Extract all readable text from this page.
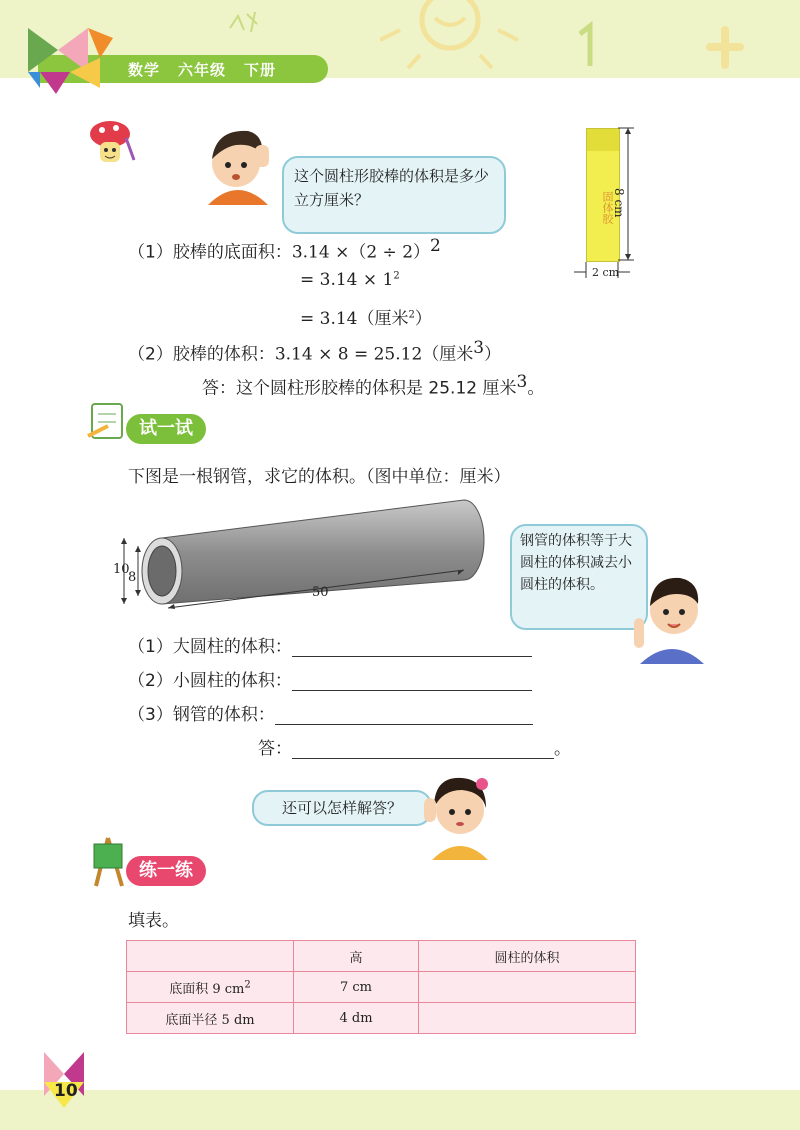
数学 六年级 下册
这个圆柱形胶棒的体积是多少立方厘米？	固体胶
8 cm
2 cm
（1）胶棒的底面积：$3.14 \times(2 \div 2)^2$
= $3.14 \times 1^2$
= 3.14（厘米$^2$）
（2）胶棒的体积：3.14 × 8 = 25.12（厘米$^3$）
答：这个圆柱形胶棒的体积是 25.12 厘米$^3$。
试一试
下图是一根钢管，求它的体积。（图中单位：厘米）
10
8
50
钢管的体积等于大圆柱的体积减去小圆柱的体积。
（1）大圆柱的体积：
（2）小圆柱的体积：
（3）钢管的体积：
答：	。
还可以怎样解答？
练一练
填表。
	高	圆柱的体积
底面积 9 $cm^2$	7 cm	
底面半径 5 dm	4 dm	
10
